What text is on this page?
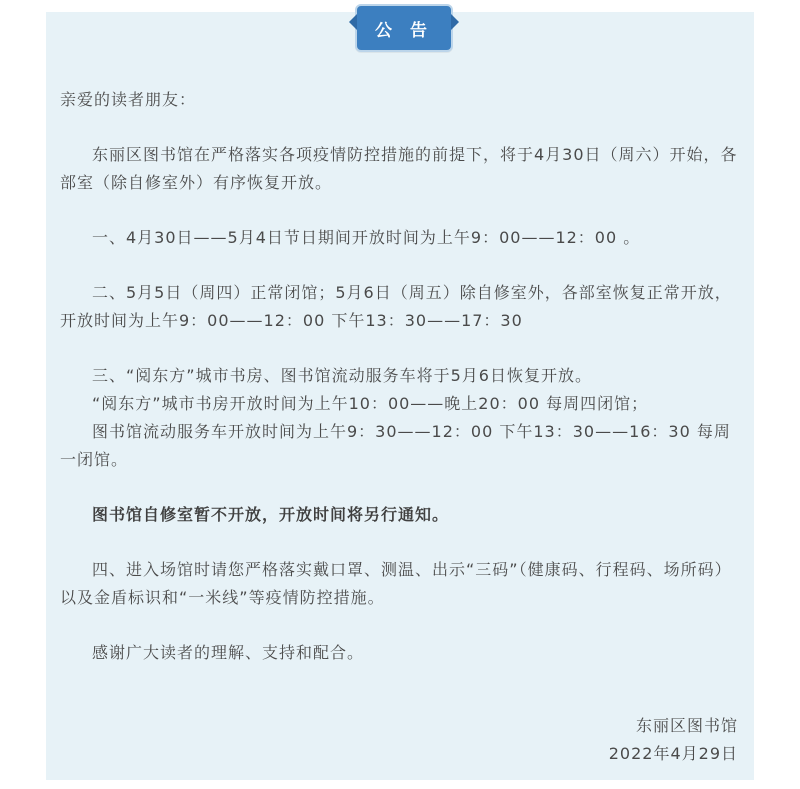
公 告

亲爱的读者朋友：

东丽区图书馆在严格落实各项疫情防控措施的前提下，将于4月30日（周六）开始，各部室（除自修室外）有序恢复开放。

一、4月30日——5月4日节日期间开放时间为上午9：00——12：00 。

二、5月5日（周四）正常闭馆；5月6日（周五）除自修室外，各部室恢复正常开放，开放时间为上午9：00——12：00 下午13：30——17：30

三、“阅东方”城市书房、图书馆流动服务车将于5月6日恢复开放。

“阅东方”城市书房开放时间为上午10：00——晚上20：00 每周四闭馆；

图书馆流动服务车开放时间为上午9：30——12：00 下午13：30——16：30 每周一闭馆。

图书馆自修室暂不开放，开放时间将另行通知。

四、进入场馆时请您严格落实戴口罩、测温、出示“三码”（健康码、行程码、场所码）以及金盾标识和“一米线”等疫情防控措施。

感谢广大读者的理解、支持和配合。

东丽区图书馆
2022年4月29日
